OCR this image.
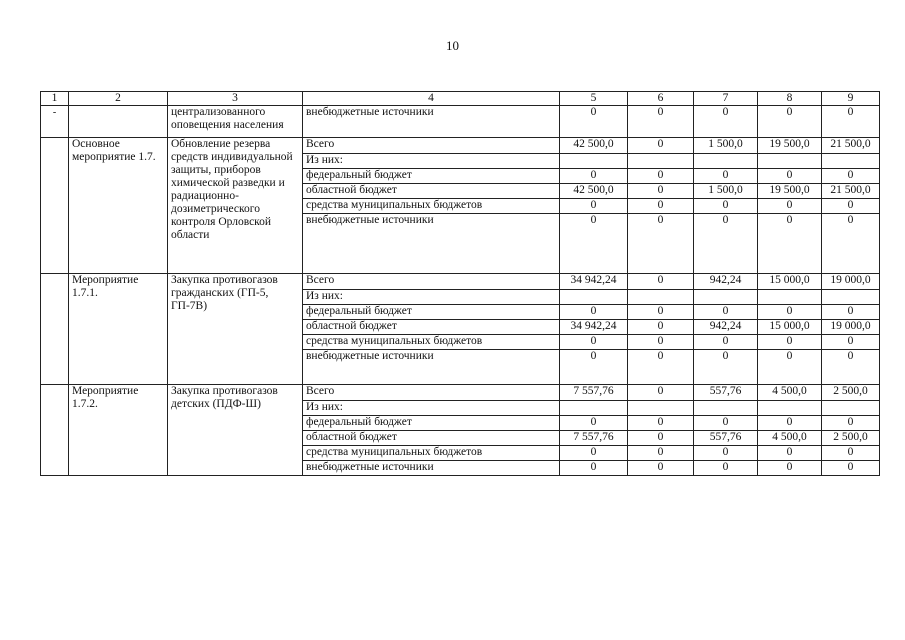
10
1	2	3	4	5	6	7	8	9
-		централизованного оповещения населения	внебюджетные источники	0	0	0	0	0
	Основное мероприятие 1.7.	Обновление резерва средств индивидуальной защиты, приборов химической разведки и радиационно-дозиметрического контроля Орловской области	Всего	42 500,0	0	1 500,0	19 500,0	21 500,0
			Из них:					
			федеральный бюджет	0	0	0	0	0
			областной бюджет	42 500,0	0	1 500,0	19 500,0	21 500,0
			средства муниципальных бюджетов	0	0	0	0	0
			внебюджетные источники	0	0	0	0	0
	Мероприятие 1.7.1.	Закупка противогазов гражданских (ГП-5, ГП-7В)	Всего	34 942,24	0	942,24	15 000,0	19 000,0
			Из них:					
			федеральный бюджет	0	0	0	0	0
			областной бюджет	34 942,24	0	942,24	15 000,0	19 000,0
			средства муниципальных бюджетов	0	0	0	0	0
			внебюджетные источники	0	0	0	0	0
	Мероприятие 1.7.2.	Закупка противогазов детских (ПДФ-Ш)	Всего	7 557,76	0	557,76	4 500,0	2 500,0
			Из них:					
			федеральный бюджет	0	0	0	0	0
			областной бюджет	7 557,76	0	557,76	4 500,0	2 500,0
			средства муниципальных бюджетов	0	0	0	0	0
			внебюджетные источники	0	0	0	0	0
